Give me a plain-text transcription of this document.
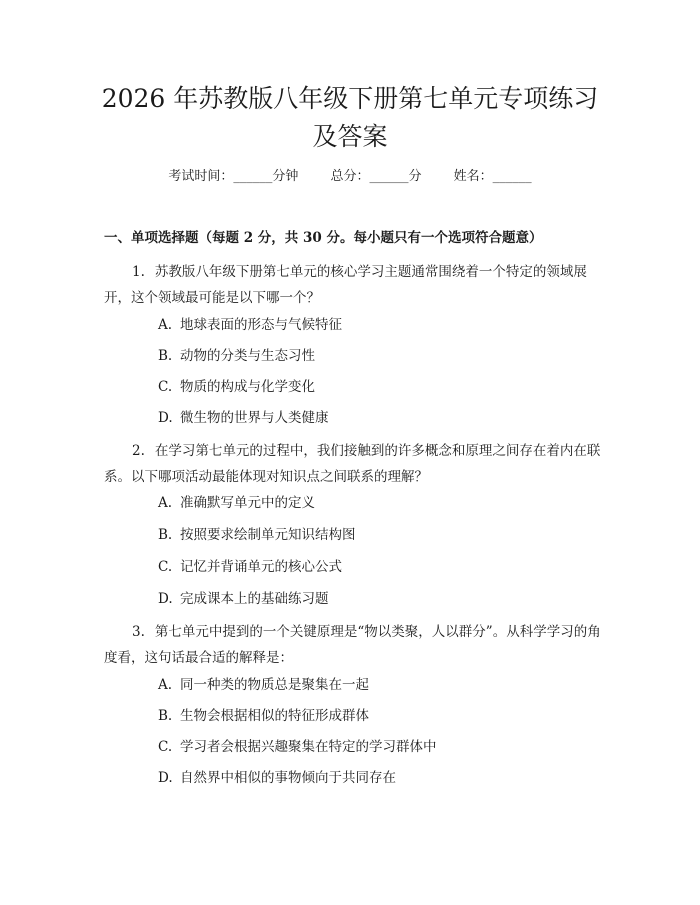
2026 年苏教版八年级下册第七单元专项练习
及答案
考试时间：______分钟 总分：______分 姓名：______
一、单项选择题（每题 2 分，共 30 分。每小题只有一个选项符合题意）

1. 苏教版八年级下册第七单元的核心学习主题通常围绕着一个特定的领域展开，这个领域最可能是以下哪一个？

A. 地球表面的形态与气候特征
B. 动物的分类与生态习性
C. 物质的构成与化学变化
D. 微生物的世界与人类健康

2. 在学习第七单元的过程中，我们接触到的许多概念和原理之间存在着内在联系。以下哪项活动最能体现对知识点之间联系的理解？

A. 准确默写单元中的定义
B. 按照要求绘制单元知识结构图
C. 记忆并背诵单元的核心公式
D. 完成课本上的基础练习题

3. 第七单元中提到的一个关键原理是“物以类聚，人以群分”。从科学学习的角度看，这句话最合适的解释是：

A. 同一种类的物质总是聚集在一起
B. 生物会根据相似的特征形成群体
C. 学习者会根据兴趣聚集在特定的学习群体中
D. 自然界中相似的事物倾向于共同存在
